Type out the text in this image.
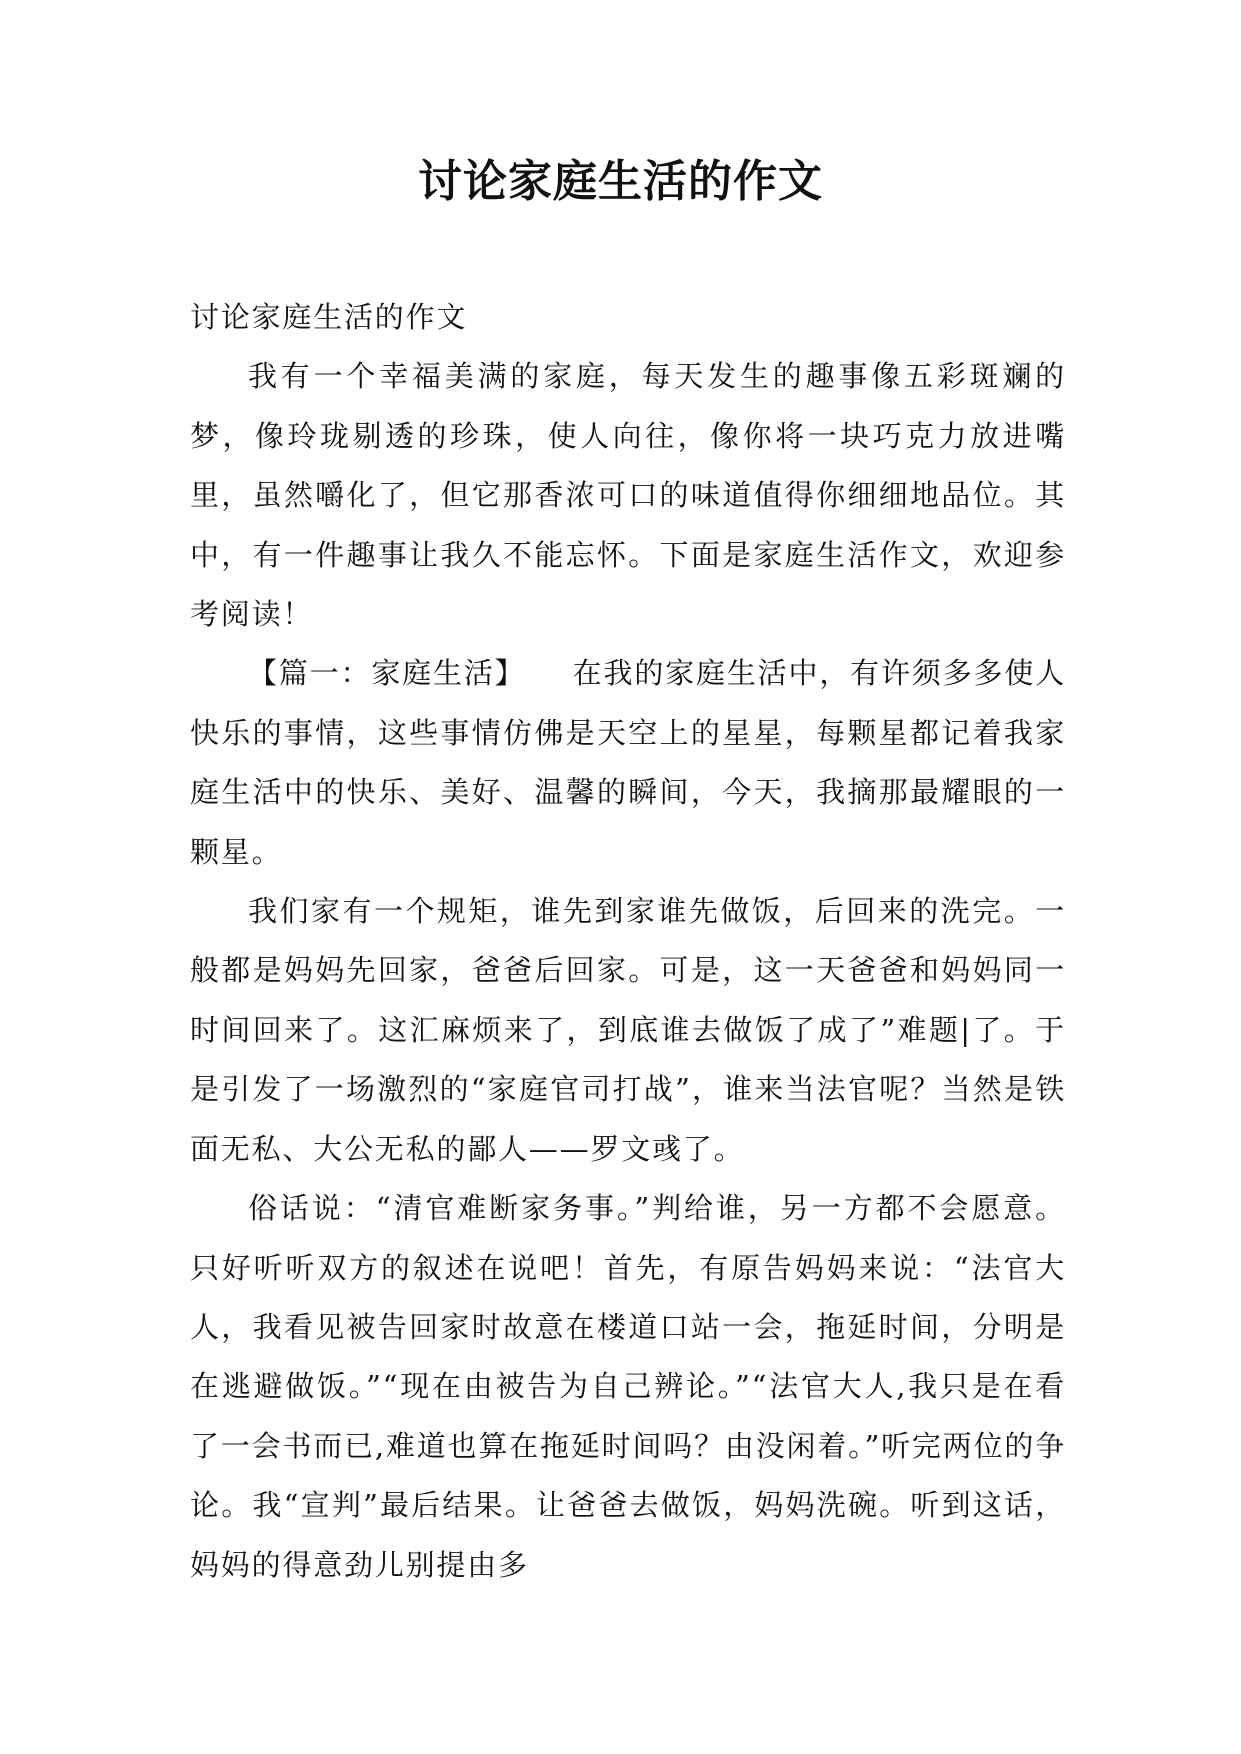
讨论家庭生活的作文

讨论家庭生活的作文

我有一个幸福美满的家庭，每天发生的趣事像五彩斑斓的梦，像玲珑剔透的珍珠，使人向往，像你将一块巧克力放进嘴里，虽然嚼化了，但它那香浓可口的味道值得你细细地品位。其中，有一件趣事让我久不能忘怀。下面是家庭生活作文，欢迎参考阅读！

【篇一：家庭生活】　　在我的家庭生活中，有许须多多使人快乐的事情，这些事情仿佛是天空上的星星，每颗星都记着我家庭生活中的快乐、美好、温馨的瞬间，今天，我摘那最耀眼的一颗星。

我们家有一个规矩，谁先到家谁先做饭，后回来的洗完。一般都是妈妈先回家，爸爸后回家。可是，这一天爸爸和妈妈同一时间回来了。这汇麻烦来了，到底谁去做饭了成了”难题|了。于是引发了一场激烈的“家庭官司打战”，谁来当法官呢？当然是铁面无私、大公无私的鄙人——罗文彧了。

俗话说：“清官难断家务事。”判给谁，另一方都不会愿意。只好听听双方的叙述在说吧！首先，有原告妈妈来说：“法官大人，我看见被告回家时故意在楼道口站一会，拖延时间，分明是在逃避做饭。”“现在由被告为自己辨论。”“法官大人,我只是在看了一会书而已,难道也算在拖延时间吗？由没闲着。”听完两位的争论。我“宣判”最后结果。让爸爸去做饭，妈妈洗碗。听到这话，妈妈的得意劲儿别提由多
